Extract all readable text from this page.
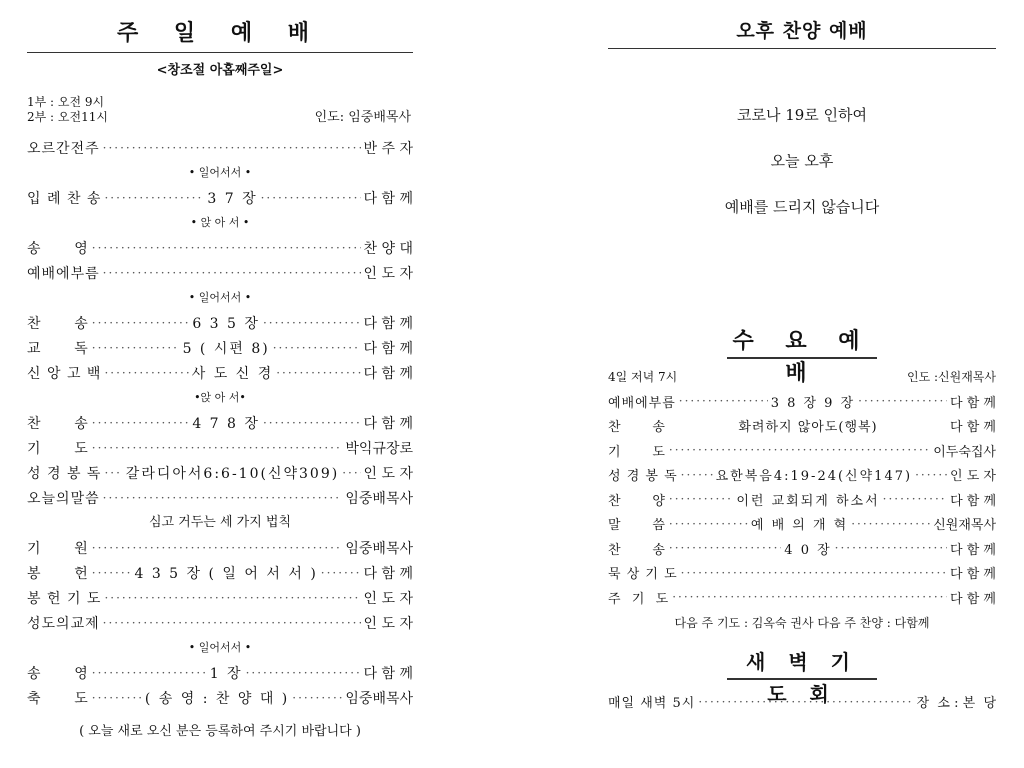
주 일 예 배
<창조절 아홉째주일>
1부 : 오전 9시
2부 : 오전11시	인도: 임중배목사
오르간전주 ·····	반 주 자
• 일어서서 •
입 례 찬 송 ·····	3 7 장 ·····	다 함 께
• 앉 아 서 •
송      영 ·····	찬 양 대
예배에부름 ·····	인 도 자
• 일어서서 •
찬      송 ·····	6 3 5 장 ·····	다 함 께
교      독 ·····	5 ( 시편 8) ·····	다 함 께
신 앙 고 백 ·····	사 도 신 경 ·····	다 함 께
•앉 아 서•
찬      송 ·····	4 7 8 장 ·····	다 함 께
기      도 ·····	박익규장로
성 경 봉 독 ····· 갈라디아서6:6-10(신약309) ····· 인 도 자
오늘의말씀 ·····	임중배목사
심고 거두는 세 가지 법칙
기      원 ·····	임중배목사
봉      헌 ·····	4 3 5 장 ( 일 어 서 서 ) ·····	다 함 께
봉 헌 기 도 ·····	인 도 자
성도의교제 ·····	인 도 자
• 일어서서 •
송      영 ·····	1 장 ·····	다 함 께
축      도 ·····	( 송 영 : 찬 양 대 ) ·····	임중배목사
( 오늘 새로 오신 분은 등록하여 주시기 바랍니다 )
오후 찬양 예배
코로나 19로 인하여
오늘 오후
예배를 드리지 않습니다
수 요 예 배
4일 저녁 7시	인도 :신원재목사
예배에부름 ·····	3 8 장 9 장 ·····	다 함 께
찬      송	화려하지 않아도(행복)	다 함 께
기      도 ·····	이두숙집사
성 경 봉 독 ·····	요한복음4:19-24(신약147) ·····	인 도 자
찬      양 ·····	이런 교회되게 하소서 ·····	다 함 께
말      씀 ·····	예 배 의 개 혁 ·····	신원재목사
찬      송 ·····	4 0 장 ·····	다 함 께
묵 상 기 도 ·····	다 함 께
주  기  도 ·····	다 함 께
다음 주 기도 : 김옥숙 권사 다음 주 찬양 : 다함께
새 벽 기 도 회
매일 새벽 5시 ·····	장  소 : 본  당
